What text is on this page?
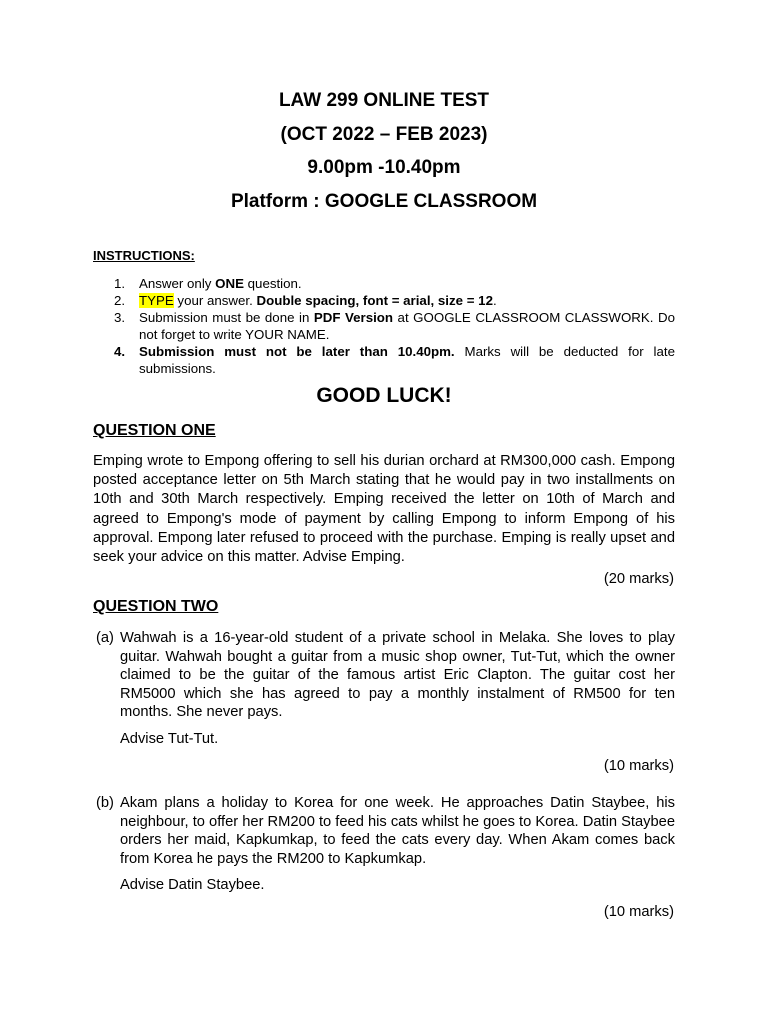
LAW 299 ONLINE TEST
(OCT 2022 – FEB 2023)
9.00pm -10.40pm
Platform : GOOGLE CLASSROOM
INSTRUCTIONS:
1.	Answer only ONE question.
2.	TYPE your answer. Double spacing, font = arial, size = 12.
3.	Submission must be done in PDF Version at GOOGLE CLASSROOM CLASSWORK. Do not forget to write YOUR NAME.
4.	Submission must not be later than 10.40pm. Marks will be deducted for late submissions.
GOOD LUCK!
QUESTION ONE
Emping wrote to Empong offering to sell his durian orchard at RM300,000 cash. Empong posted acceptance letter on 5th March stating that he would pay in two installments on 10th and 30th March respectively. Emping received the letter on 10th of March and agreed to Empong's mode of payment by calling Empong to inform Empong of his approval. Empong later refused to proceed with the purchase. Emping is really upset and seek your advice on this matter. Advise Emping.
(20 marks)
QUESTION TWO
(a) Wahwah is a 16-year-old student of a private school in Melaka. She loves to play guitar. Wahwah bought a guitar from a music shop owner, Tut-Tut, which the owner claimed to be the guitar of the famous artist Eric Clapton. The guitar cost her RM5000 which she has agreed to pay a monthly instalment of RM500 for ten months. She never pays.
Advise Tut-Tut.
(10 marks)
(b) Akam plans a holiday to Korea for one week. He approaches Datin Staybee, his neighbour, to offer her RM200 to feed his cats whilst he goes to Korea. Datin Staybee orders her maid, Kapkumkap, to feed the cats every day. When Akam comes back from Korea he pays the RM200 to Kapkumkap.
Advise Datin Staybee.
(10 marks)
